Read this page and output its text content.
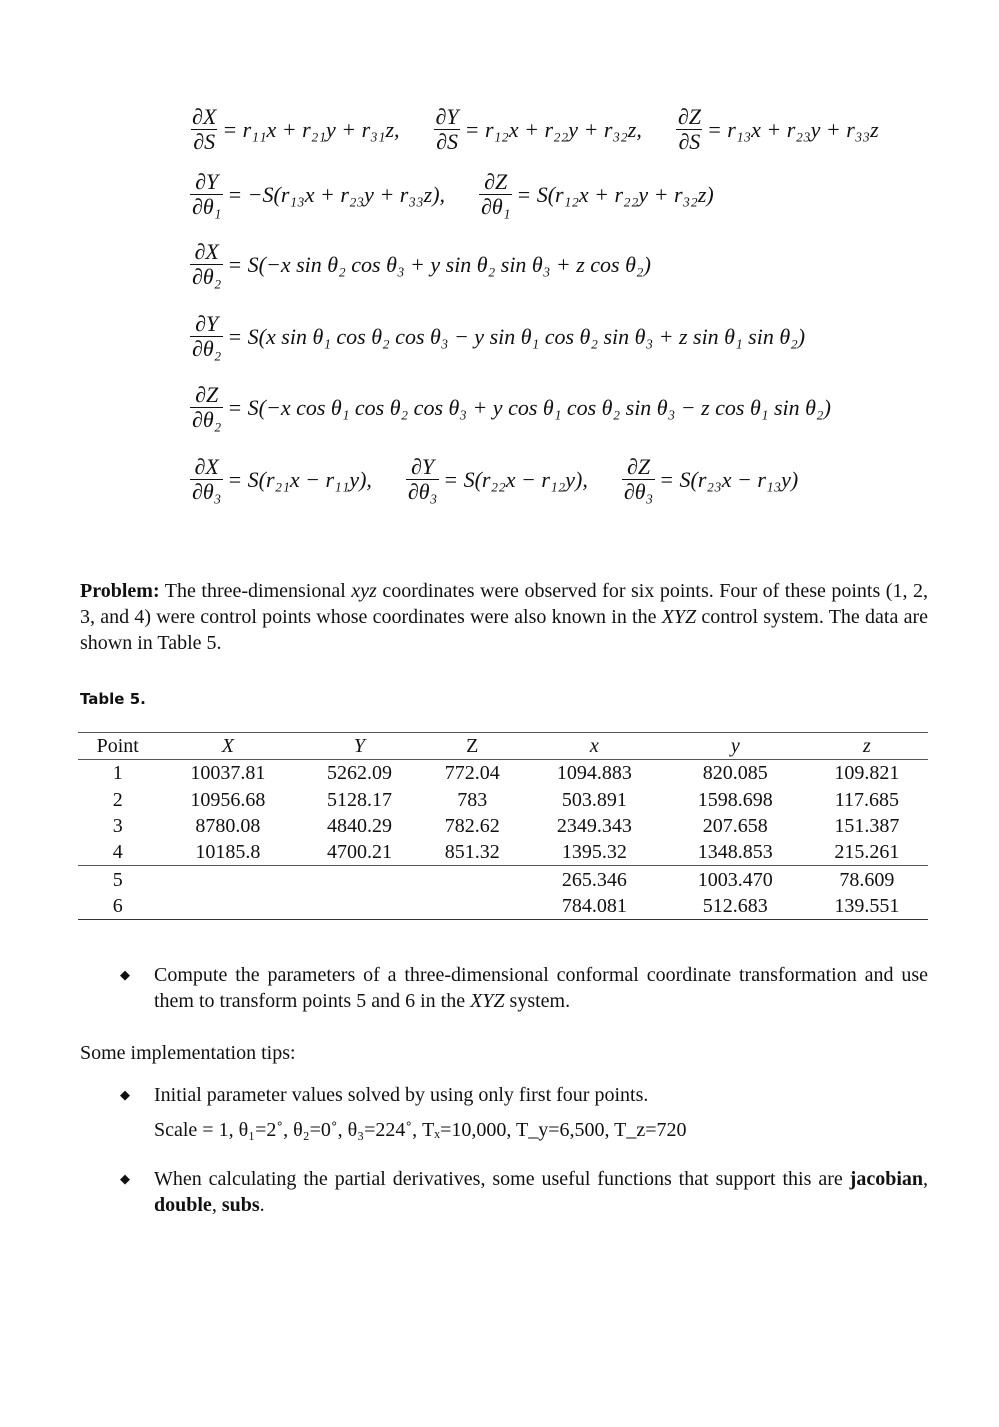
$\frac{\partial X}{\partial S} = r_{11}x + r_{21}y + r_{31}z$, $\frac{\partial Y}{\partial S} = r_{12}x + r_{22}y + r_{32}z$, $\frac{\partial Z}{\partial S} = r_{13}x + r_{23}y + r_{33}z$
$\frac{\partial Y}{\text{∂θ₁}} = -S(r_{13}x + r_{23}y + r_{33}z)$, $\frac{\partial Z}{\text{∂θ₁}} = S(r_{12}x + r_{22}y + r_{32}z)$
$\frac{\partial X}{\text{∂θ₂}} = S(-x$ sin θ₂ cos θ₃ + y sin θ₂ sin θ₃ + z cos θ₂)
$\frac{\partial Y}{\text{∂θ₂}} = S(x$ sin θ₁ cos θ₂ cos θ₃ − y sin θ₁ cos θ₂ sin θ₃ + z sin θ₁ sin θ₂)
$\frac{\partial Z}{\text{∂θ₂}} = S(-x$ cos θ₁ cos θ₂ cos θ₃ + y cos θ₁ cos θ₂ sin θ₃ − z cos θ₁ sin θ₂)
$\frac{\partial X}{\text{∂θ₃}} = S(r_{21}x - r_{11}y)$, $\frac{\partial Y}{\text{∂θ₃}} = S(r_{22}x - r_{12}y)$, $\frac{\partial Z}{\text{∂θ₃}} = S(r_{23}x - r_{13}y)$
Problem: The three-dimensional xyz coordinates were observed for six points. Four of these points (1, 2, 3, and 4) were control points whose coordinates were also known in the XYZ control system. The data are shown in Table 5.
Table 5.
Point	X	Y	Z	x	y	z
1	10037.81	5262.09	772.04	1094.883	820.085	109.821
2	10956.68	5128.17	783	503.891	1598.698	117.685
3	8780.08	4840.29	782.62	2349.343	207.658	151.387
4	10185.8	4700.21	851.32	1395.32	1348.853	215.261
5				265.346	1003.470	78.609
6				784.081	512.683	139.551
◆ Compute the parameters of a three-dimensional conformal coordinate transformation and use them to transform points 5 and 6 in the XYZ system.
Some implementation tips:
◆ Initial parameter values solved by using only first four points.
Scale = 1, θ₁=2˚, θ₂=0˚, θ₃=224˚, Tₓ=10,000, T_y=6,500, T_z=720
◆ When calculating the partial derivatives, some useful functions that support this are jacobian, double, subs.
